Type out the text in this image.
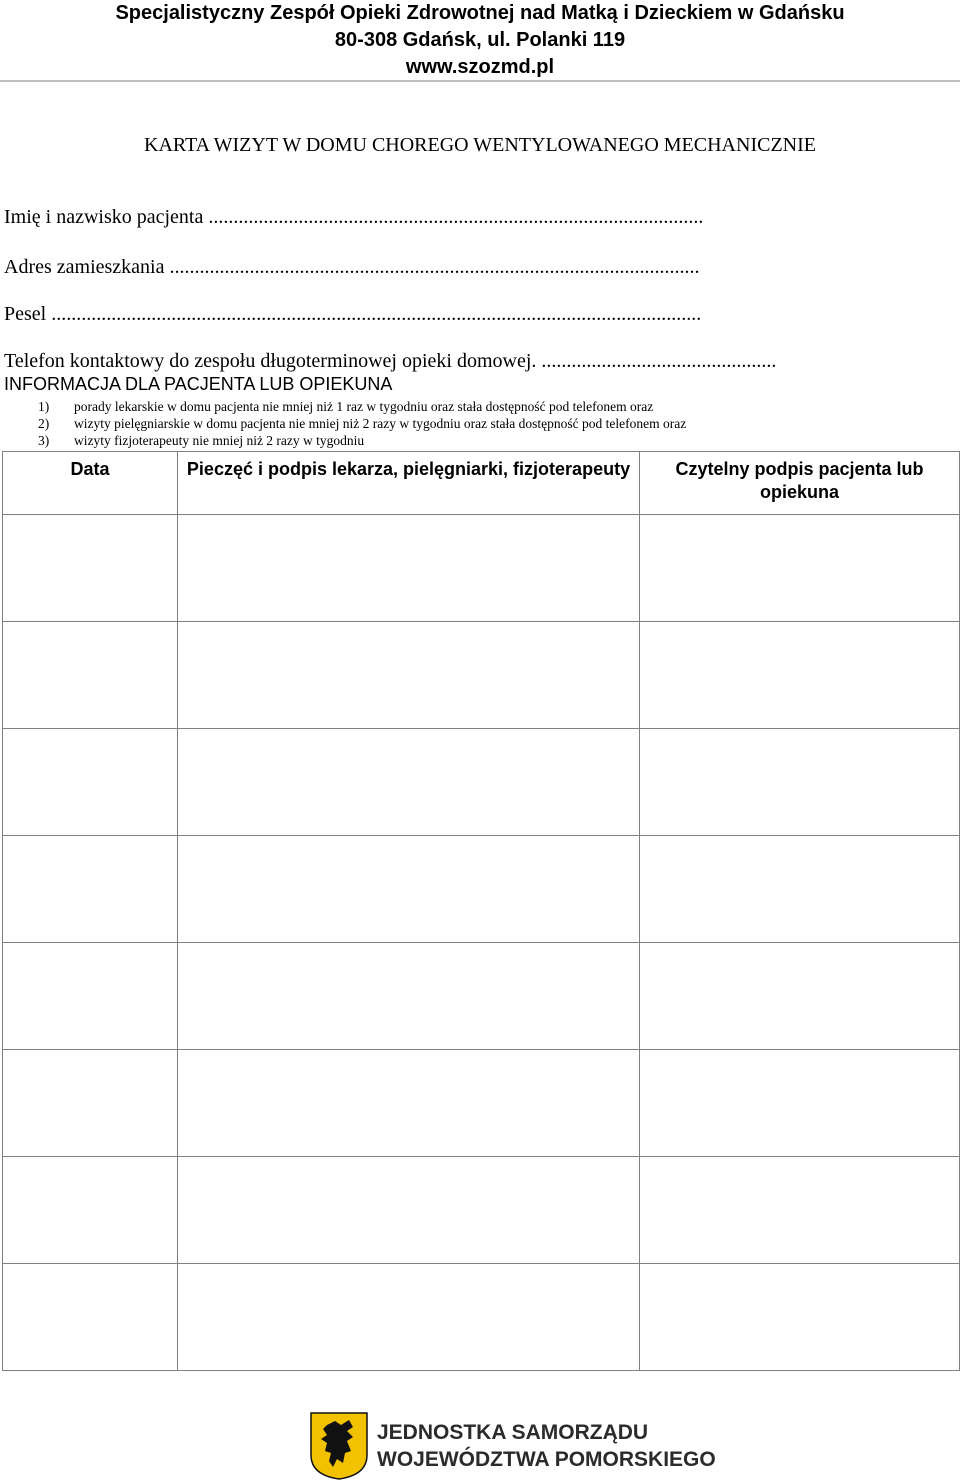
Specjalistyczny Zespół Opieki Zdrowotnej nad Matką i Dzieckiem w Gdańsku
80-308 Gdańsk, ul. Polanki 119
www.szozmd.pl
KARTA WIZYT W DOMU CHOREGO WENTYLOWANEGO MECHANICZNIE
Imię i nazwisko pacjenta ...................................................................................................
Adres zamieszkania ..........................................................................................................
Pesel ..................................................................................................................................
Telefon kontaktowy do zespołu długoterminowej opieki domowej. ...............................................
INFORMACJA DLA PACJENTA LUB OPIEKUNA
1)	porady lekarskie w domu pacjenta nie mniej niż 1 raz w tygodniu oraz stała dostępność pod telefonem oraz
2)	wizyty pielęgniarskie w domu pacjenta nie mniej niż 2 razy w tygodniu oraz stała dostępność pod telefonem oraz
3)	wizyty fizjoterapeuty nie mniej niż 2 razy w tygodniu
Data	Pieczęć i podpis lekarza, pielęgniarki, fizjoterapeuty	Czytelny podpis pacjenta lub opiekuna

JEDNOSTKA SAMORZĄDU
WOJEWÓDZTWA POMORSKIEGO
